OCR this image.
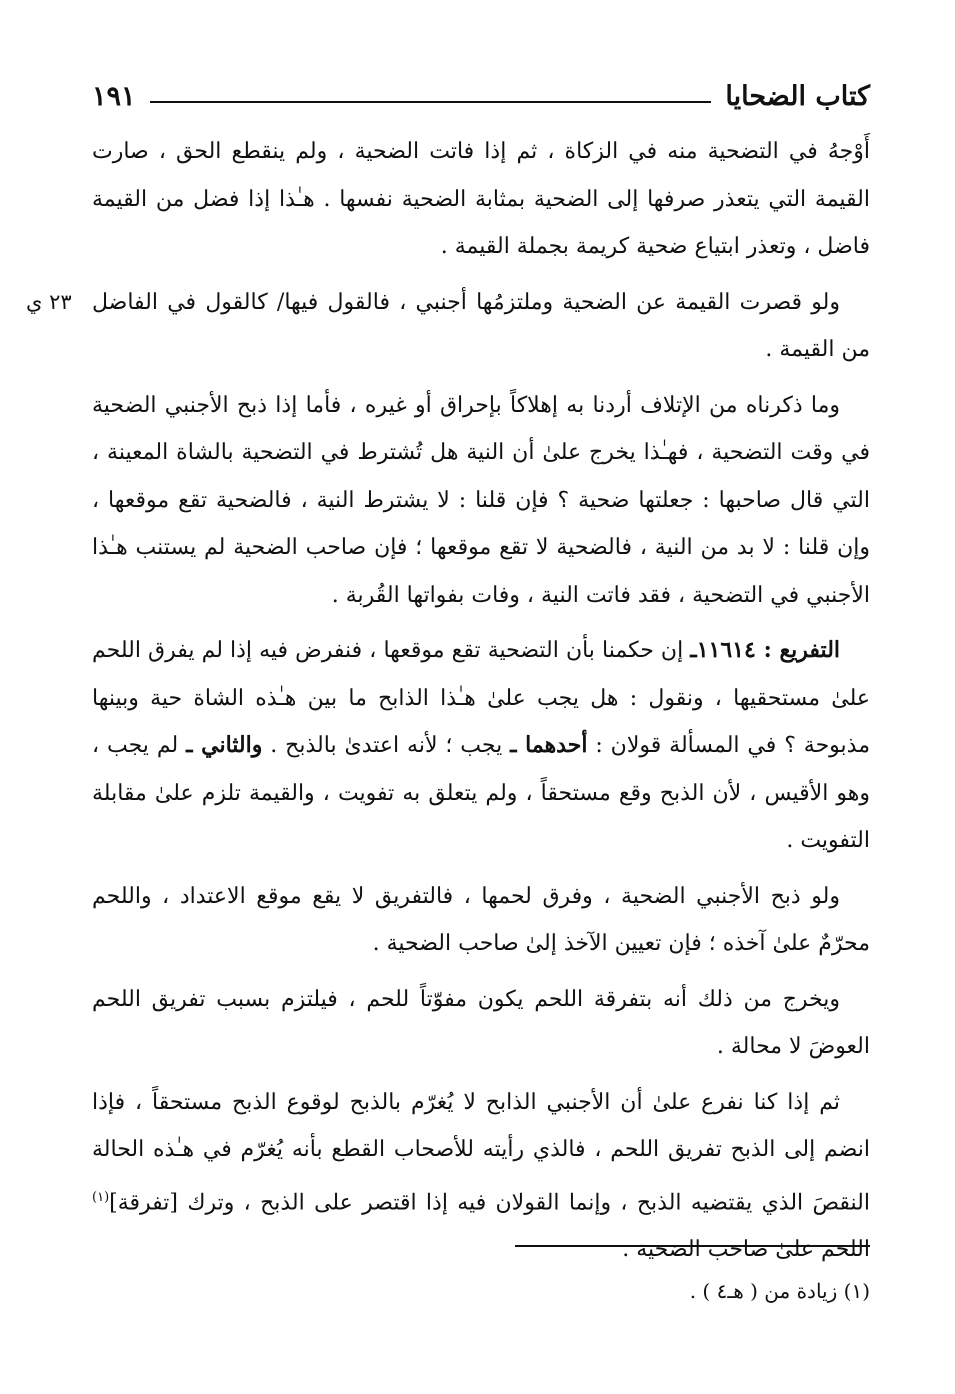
كتاب الضحايا
١٩١
٢٣ ي

أَوْجهُ في التضحية منه في الزكاة ، ثم إذا فاتت الضحية ، ولم ينقطع الحق ، صارت القيمة التي يتعذر صرفها إلى الضحية بمثابة الضحية نفسها . هـٰذا إذا فضل من القيمة فاضل ، وتعذر ابتياع ضحية كريمة بجملة القيمة .

ولو قصرت القيمة عن الضحية وملتزمُها أجنبي ، فالقول فيها/ كالقول في الفاضل من القيمة .

وما ذكرناه من الإتلاف أردنا به إهلاكاً بإحراق أو غيره ، فأما إذا ذبح الأجنبي الضحية في وقت التضحية ، فهـٰذا يخرج علىٰ أن النية هل تُشترط في التضحية بالشاة المعينة ، التي قال صاحبها : جعلتها ضحية ؟ فإن قلنا : لا يشترط النية ، فالضحية تقع موقعها ، وإن قلنا : لا بد من النية ، فالضحية لا تقع موقعها ؛ فإن صاحب الضحية لم يستنب هـٰذا الأجنبي في التضحية ، فقد فاتت النية ، وفات بفواتها القُربة .

التفريع : ١١٦١٤ـ إن حكمنا بأن التضحية تقع موقعها ، فنفرض فيه إذا لم يفرق اللحم علىٰ مستحقيها ، ونقول : هل يجب علىٰ هـٰذا الذابح ما بين هـٰذه الشاة حية وبينها مذبوحة ؟ في المسألة قولان : أحدهما ـ يجب ؛ لأنه اعتدىٰ بالذبح . والثاني ـ لم يجب ، وهو الأقيس ، لأن الذبح وقع مستحقاً ، ولم يتعلق به تفويت ، والقيمة تلزم علىٰ مقابلة التفويت .

ولو ذبح الأجنبي الضحية ، وفرق لحمها ، فالتفريق لا يقع موقع الاعتداد ، واللحم محرّمٌ علىٰ آخذه ؛ فإن تعيين الآخذ إلىٰ صاحب الضحية .

ويخرج من ذلك أنه بتفرقة اللحم يكون مفوّتاً للحم ، فيلتزم بسبب تفريق اللحم العوضَ لا محالة .

ثم إذا كنا نفرع علىٰ أن الأجنبي الذابح لا يُغرّم بالذبح لوقوع الذبح مستحقاً ، فإذا انضم إلى الذبح تفريق اللحم ، فالذي رأيته للأصحاب القطع بأنه يُغرّم في هـٰذه الحالة النقصَ الذي يقتضيه الذبح ، وإنما القولان فيه إذا اقتصر على الذبح ، وترك [تفرقة]$^{(١)}$ اللحم علىٰ صاحب الضحية .

(١) زيادة من ( هـ٤ ) .
